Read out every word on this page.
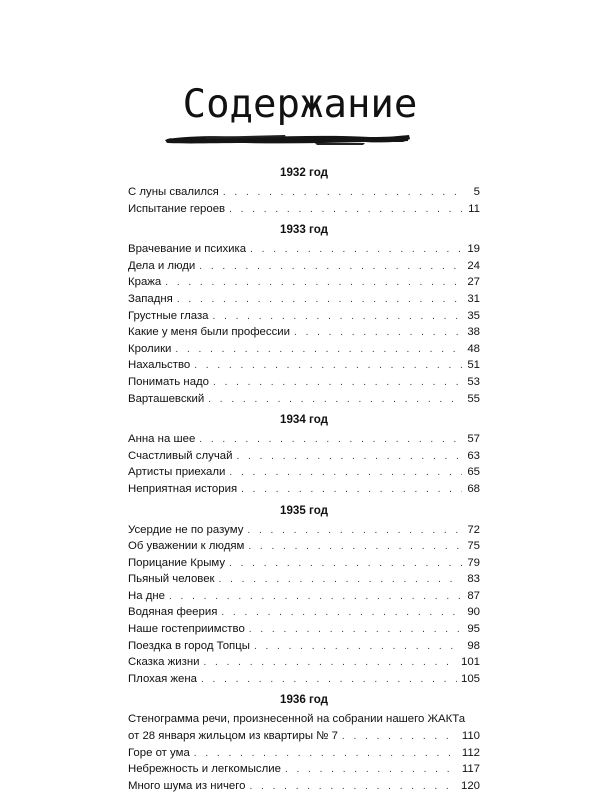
Содержание
1932 год
С луны свалился . . .	5
Испытание героев . . .	11
1933 год
Врачевание и психика . . .	19
Дела и люди . . .	24
Кража . . .	27
Западня . . .	31
Грустные глаза . . .	35
Какие у меня были профессии . . .	38
Кролики . . .	48
Нахальство . . .	51
Понимать надо . . .	53
Варташевский . . .	55
1934 год
Анна на шее . . .	57
Счастливый случай . . .	63
Артисты приехали . . .	65
Неприятная история . . .	68
1935 год
Усердие не по разуму . . .	72
Об уважении к людям . . .	75
Порицание Крыму . . .	79
Пьяный человек . . .	83
На дне . . .	87
Водяная феерия . . .	90
Наше гостеприимство . . .	95
Поездка в город Топцы . . .	98
Сказка жизни . . .	101
Плохая жена . . .	105
1936 год
Стенограмма речи, произнесенной на собрании нашего ЖАКТа
от 28 января жильцом из квартиры № 7 . . .	110
Горе от ума . . .	112
Небрежность и легкомыслие . . .	117
Много шума из ничего . . .	120
